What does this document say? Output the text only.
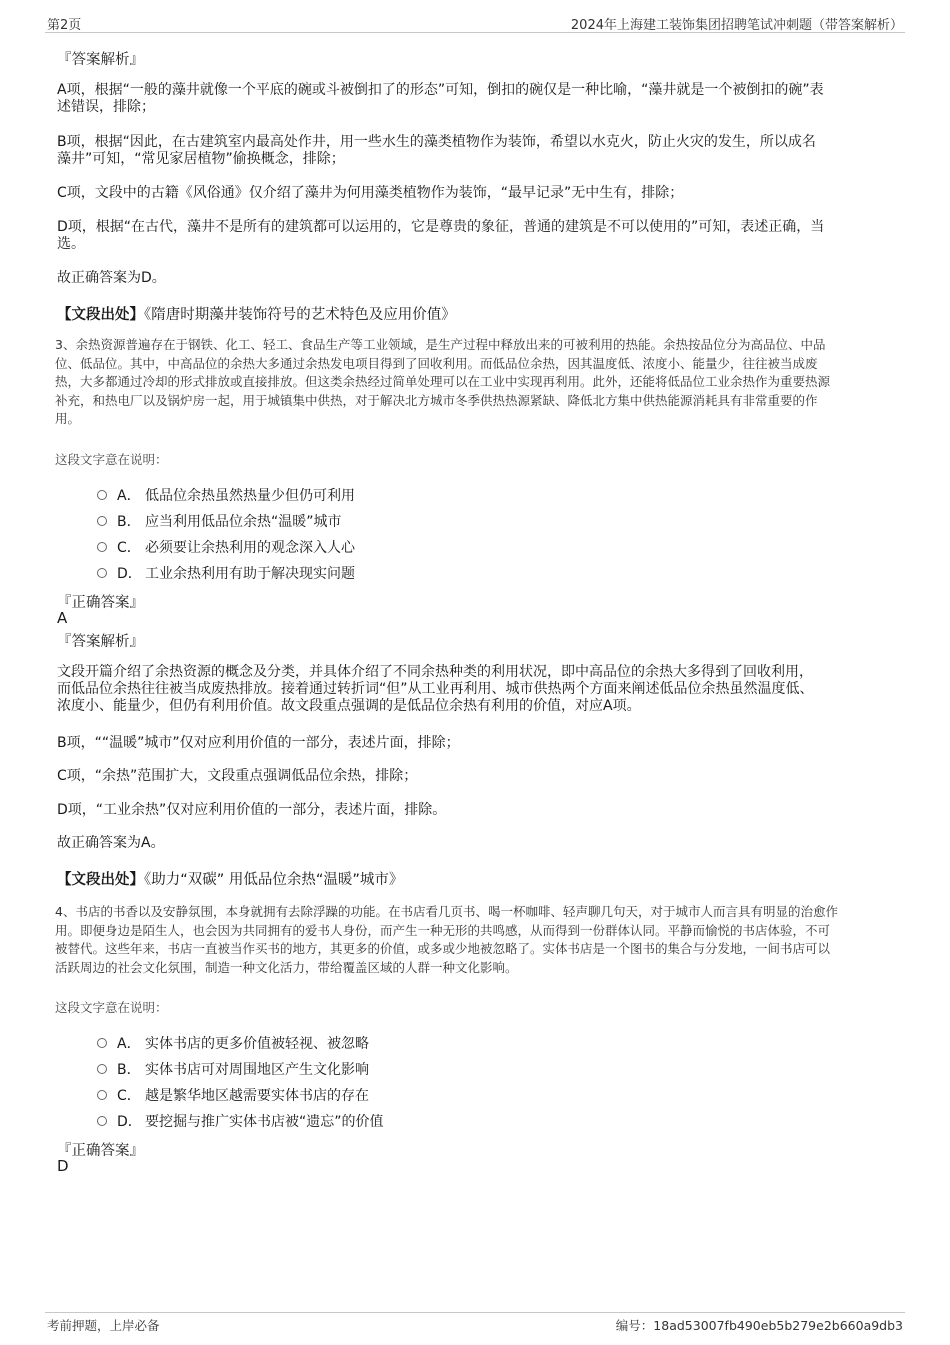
第2页	2024年上海建工装饰集团招聘笔试冲刺题（带答案解析）
『答案解析』

A项，根据“一般的藻井就像一个平底的碗或斗被倒扣了的形态”可知，倒扣的碗仅是一种比喻，“藻井就是一个被倒扣的碗”表

述错误，排除；

B项，根据“因此，在古建筑室内最高处作井，用一些水生的藻类植物作为装饰，希望以水克火，防止火灾的发生，所以成名

藻井”可知，“常见家居植物”偷换概念，排除；

C项，文段中的古籍《风俗通》仅介绍了藻井为何用藻类植物作为装饰，“最早记录”无中生有，排除；

D项，根据“在古代，藻井不是所有的建筑都可以运用的，它是尊贵的象征，普通的建筑是不可以使用的”可知，表述正确，当

选。

故正确答案为D。
【文段出处】《隋唐时期藻井装饰符号的艺术特色及应用价值》

3、余热资源普遍存在于钢铁、化工、轻工、食品生产等工业领域，是生产过程中释放出来的可被利用的热能。余热按品位分为高品位、中品

位、低品位。其中，中高品位的余热大多通过余热发电项目得到了回收利用。而低品位余热，因其温度低、浓度小、能量少，往往被当成废

热，大多都通过冷却的形式排放或直接排放。但这类余热经过简单处理可以在工业中实现再利用。此外，还能将低品位工业余热作为重要热源

补充，和热电厂以及锅炉房一起，用于城镇集中供热，对于解决北方城市冬季供热热源紧缺、降低北方集中供热能源消耗具有非常重要的作

用。

这段文字意在说明：
A． 低品位余热虽然热量少但仍可利用
B． 应当利用低品位余热“温暖”城市
C． 必须要让余热利用的观念深入人心
D． 工业余热利用有助于解决现实问题
『正确答案』
A
『答案解析』

文段开篇介绍了余热资源的概念及分类，并具体介绍了不同余热种类的利用状况，即中高品位的余热大多得到了回收利用，

而低品位余热往往被当成废热排放。接着通过转折词“但”从工业再利用、城市供热两个方面来阐述低品位余热虽然温度低、

浓度小、能量少，但仍有利用价值。故文段重点强调的是低品位余热有利用的价值，对应A项。

B项，““温暖”城市”仅对应利用价值的一部分，表述片面，排除；
C项，“余热”范围扩大，文段重点强调低品位余热，排除；
D项，“工业余热”仅对应利用价值的一部分，表述片面，排除。
故正确答案为A。
【文段出处】《助力“双碳” 用低品位余热“温暖”城市》

4、书店的书香以及安静氛围，本身就拥有去除浮躁的功能。在书店看几页书、喝一杯咖啡、轻声聊几句天，对于城市人而言具有明显的治愈作

用。即便身边是陌生人，也会因为共同拥有的爱书人身份，而产生一种无形的共鸣感，从而得到一份群体认同。平静而愉悦的书店体验，不可

被替代。这些年来，书店一直被当作买书的地方，其更多的价值，或多或少地被忽略了。实体书店是一个图书的集合与分发地，一间书店可以

活跃周边的社会文化氛围，制造一种文化活力，带给覆盖区域的人群一种文化影响。

这段文字意在说明：
A． 实体书店的更多价值被轻视、被忽略
B． 实体书店可对周围地区产生文化影响
C． 越是繁华地区越需要实体书店的存在
D． 要挖掘与推广实体书店被“遗忘”的价值
『正确答案』
D
考前押题，上岸必备	编号：18ad53007fb490eb5b279e2b660a9db3
